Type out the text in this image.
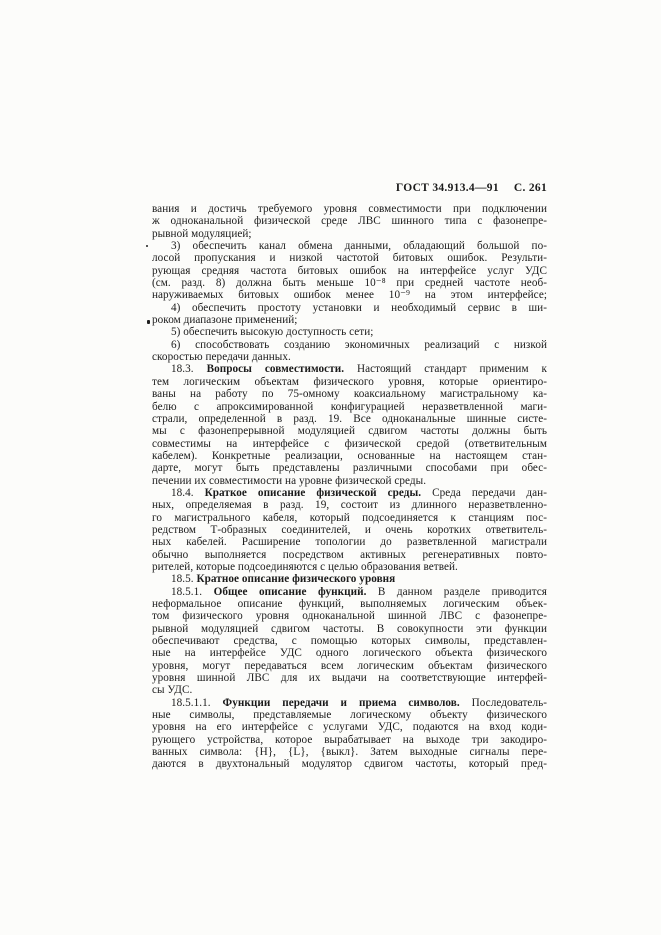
ГОСТ 34.913.4—91 С. 261
вания и достичь требуемого уровня совместимости при подключении
ж одноканальной физической среде ЛВС шинного типа с фазонепре-
рывной модуляцией;
3) обеспечить канал обмена данными, обладающий большой по-
лосой пропускания и низкой частотой битовых ошибок. Результи-
рующая средняя частота битовых ошибок на интерфейсе услуг УДС
(см. разд. 8) должна быть меньше 10⁻⁸ при средней частоте необ-
наруживаемых битовых ошибок менее 10⁻⁹ на этом интерфейсе;
4) обеспечить простоту установки и необходимый сервис в ши-
роком диапазоне применений;
5) обеспечить высокую доступность сети;
6) способствовать созданию экономичных реализаций с низкой
скоростью передачи данных.
18.3. Вопросы совместимости. Настоящий стандарт применим к
тем логическим объектам физического уровня, которые ориентиро-
ваны на работу по 75-омному коаксиальному магистральному ка-
белю с апроксимированной конфигурацией неразветвленной маги-
страли, определенной в разд. 19. Все одноканальные шинные систе-
мы с фазонепрерывной модуляцией сдвигом частоты должны быть
совместимы на интерфейсе с физической средой (ответвительным
кабелем). Конкретные реализации, основанные на настоящем стан-
дарте, могут быть представлены различными способами при обес-
печении их совместимости на уровне физической среды.
18.4. Краткое описание физической среды. Среда передачи дан-
ных, определяемая в разд. 19, состоит из длинного неразветвленно-
го магистрального кабеля, который подсоединяется к станциям пос-
редством Т-образных соединителей, и очень коротких ответвитель-
ных кабелей. Расширение топологии до разветвленной магистрали
обычно выполняется посредством активных регенеративных повто-
рителей, которые подсоединяются с целью образования ветвей.
18.5. Кратное описание физического уровня
18.5.1. Общее описание функций. В данном разделе приводится
неформальное описание функций, выполняемых логическим объек-
том физического уровня одноканальной шинной ЛВС с фазонепре-
рывной модуляцией сдвигом частоты. В совокупности эти функции
обеспечивают средства, с помощью которых символы, представлен-
ные на интерфейсе УДС одного логического объекта физического
уровня, могут передаваться всем логическим объектам физического
уровня шинной ЛВС для их выдачи на соответствующие интерфей-
сы УДС.
18.5.1.1. Функции передачи и приема символов. Последователь-
ные символы, представляемые логическому объекту физического
уровня на его интерфейсе с услугами УДС, подаются на вход коди-
рующего устройства, которое вырабатывает на выходе три закодиро-
ванных символа: {H}, {L}, {выкл}. Затем выходные сигналы пере-
даются в двухтональный модулятор сдвигом частоты, который пред-
